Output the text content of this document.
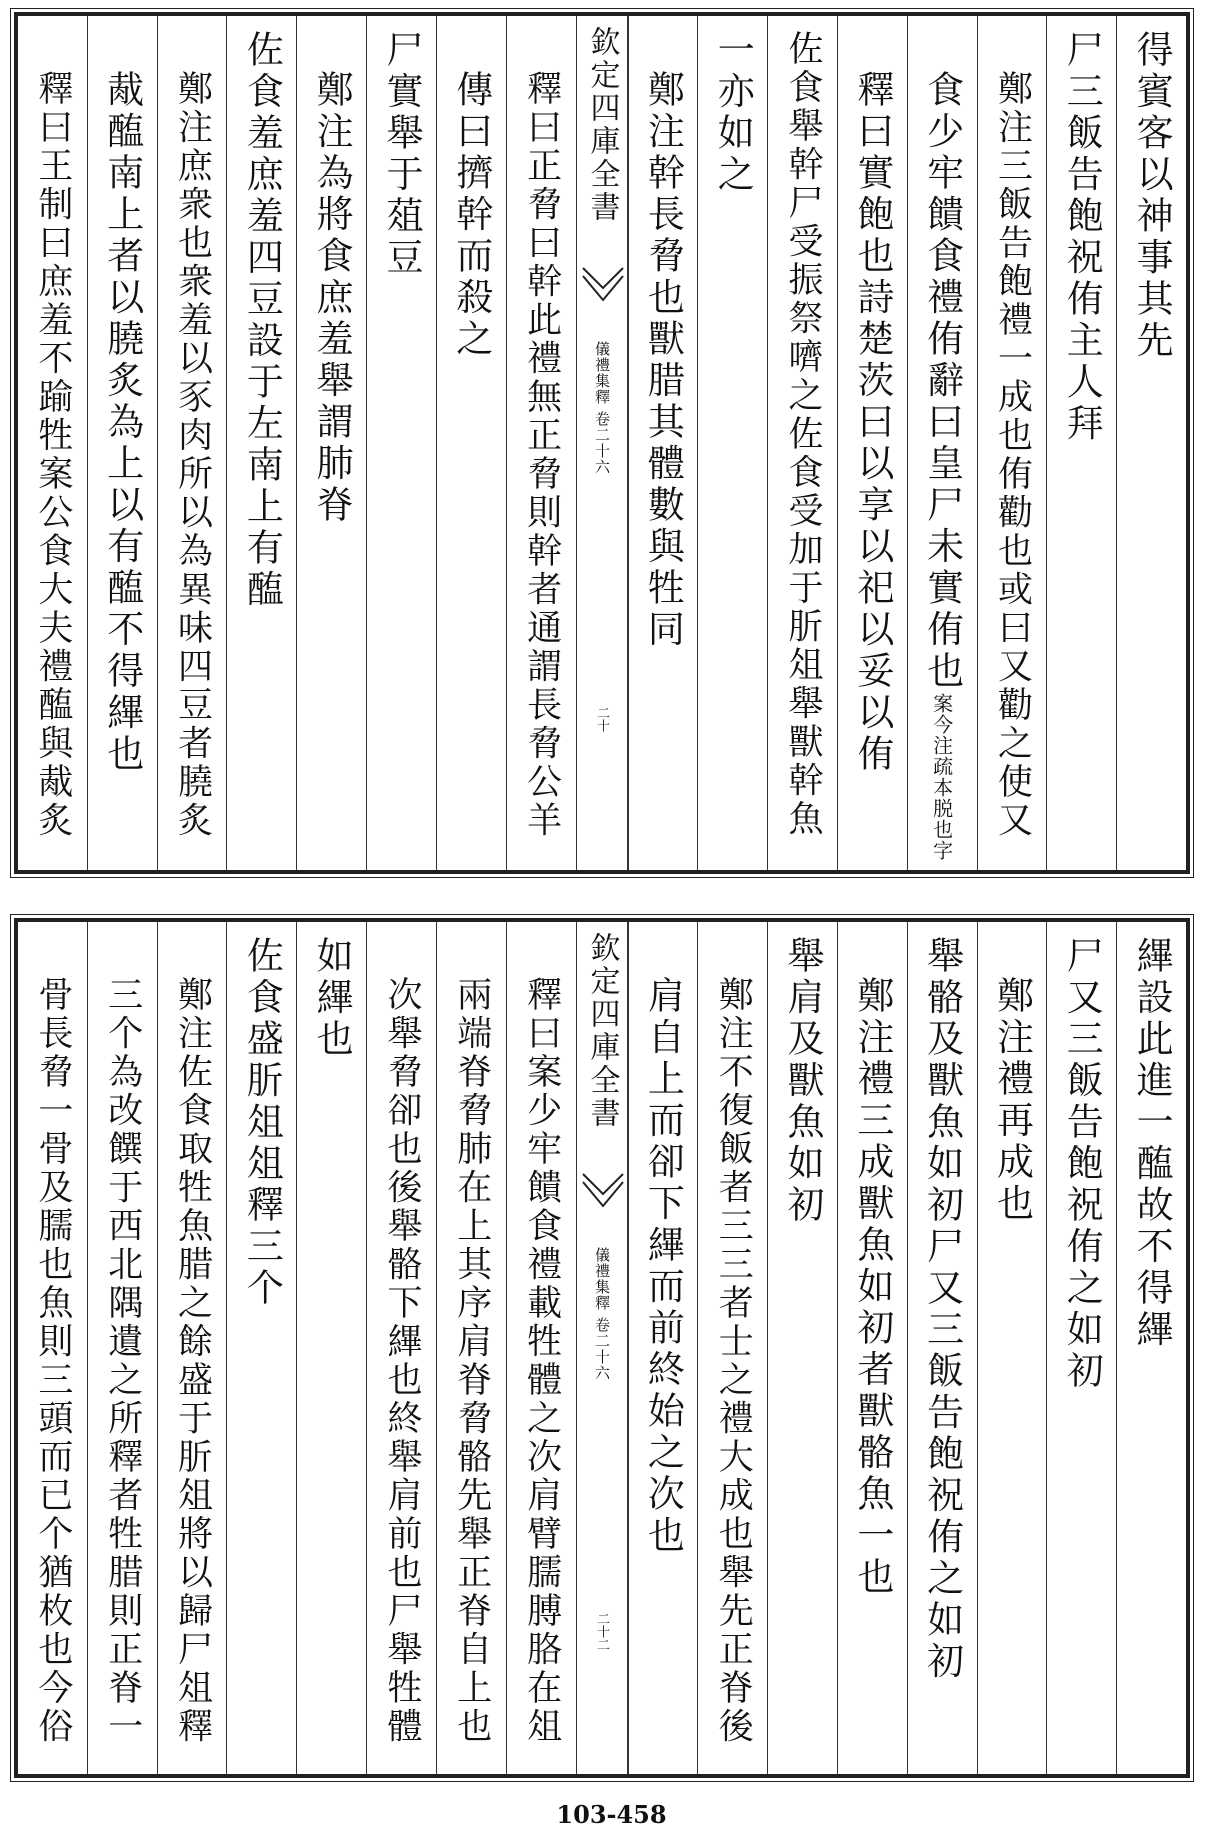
得賓客以神事其先
尸三飯告飽祝侑主人拜
鄭注三飯告飽禮一成也侑勸也或曰又勸之使又
食少牢饋食禮侑辭曰皇尸未實侑也案今注疏本脱也字
釋曰實飽也詩楚茨曰以享以祀以妥以侑
佐食舉幹尸受振祭嚌之佐食受加于肵俎舉獸幹魚
一亦如之
鄭注幹長脅也獸腊其體數與牲同
欽定四庫全書
儀禮集釋 卷二十六
二十
釋曰正脅曰幹此禮無正脅則幹者通謂長脅公羊
傳曰擠幹而殺之
尸實舉于葅豆
鄭注為將食庶羞舉謂肺脊
佐食羞庶羞四豆設于左南上有醢
鄭注庶衆也衆羞以豕肉所以為異味四豆者膮炙
胾醢南上者以膮炙為上以有醢不得縪也
釋曰王制曰庶羞不踰牲案公食大夫禮醢與胾炙
縪設此進一醢故不得縪
尸又三飯告飽祝侑之如初
鄭注禮再成也
舉骼及獸魚如初尸又三飯告飽祝侑之如初
鄭注禮三成獸魚如初者獸骼魚一也
舉肩及獸魚如初
鄭注不復飯者三三者士之禮大成也舉先正脊後
肩自上而卻下縪而前終始之次也
欽定四庫全書
儀禮集釋 卷二十六
二十二
釋曰案少牢饋食禮載牲體之次肩臂臑膊胳在俎
兩端脊脅肺在上其序肩脊脅骼先舉正脊自上也
次舉脅卻也後舉骼下縪也終舉肩前也尸舉牲體
如縪也
佐食盛肵俎俎釋三个
鄭注佐食取牲魚腊之餘盛于肵俎將以歸尸俎釋
三个為改饌于西北隅遺之所釋者牲腊則正脊一
骨長脅一骨及臑也魚則三頭而已个猶枚也今俗
103-458
